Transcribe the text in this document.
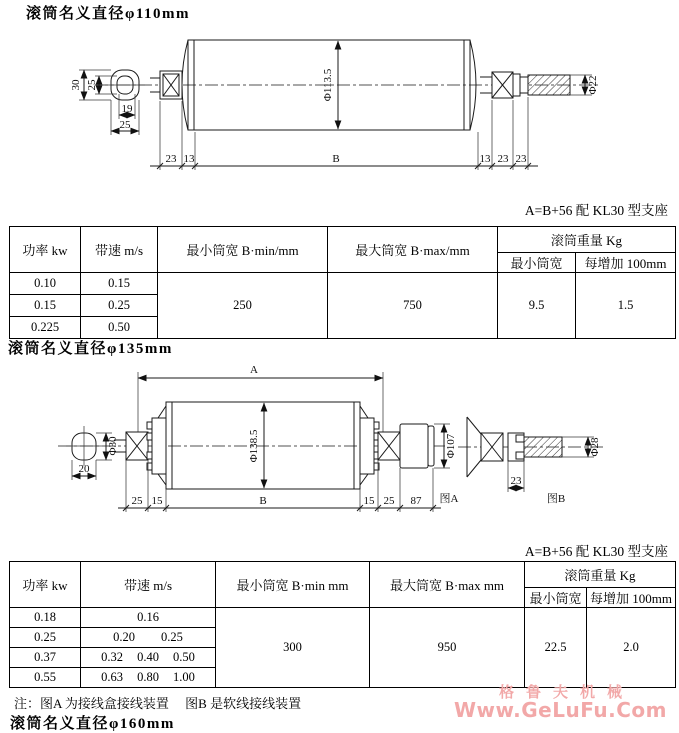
滚筒名义直径φ110mm
30 25
19
25
Φ113.5	Φ22
23 13	B	13 23 23
A=B+56 配 KL30 型支座
功率 kw	带速 m/s	最小筒宽 B·min/mm	最大筒宽 B·max/mm	滚筒重量 Kg	
				最小筒宽	每增加 100mm
0.10	0.15	250	750	9.5	1.5
0.15	0.25				
0.225	0.50				
滚筒名义直径φ135mm
A
Φ30
20
Φ138.5	Φ107	Φ28
23
图B
图A
25 15	B	15 25 87
A=B+56 配 KL30 型支座
功率 kw	带速 m/s	最小筒宽 B·min mm	最大筒宽 B·max mm	滚筒重量 Kg	
				最小筒宽	每增加 100mm
0.18	0.16	300	950	22.5	2.0
0.25	0.20 0.25				

0.37	0.32 0.40 0.50				

0.55	0.63 0.80 1.00				
注：图A 为接线盒接线装置　 图B 是软线接线装置
滚筒名义直径φ160mm
格鲁夫机械
Www.GeLuFu.Com
